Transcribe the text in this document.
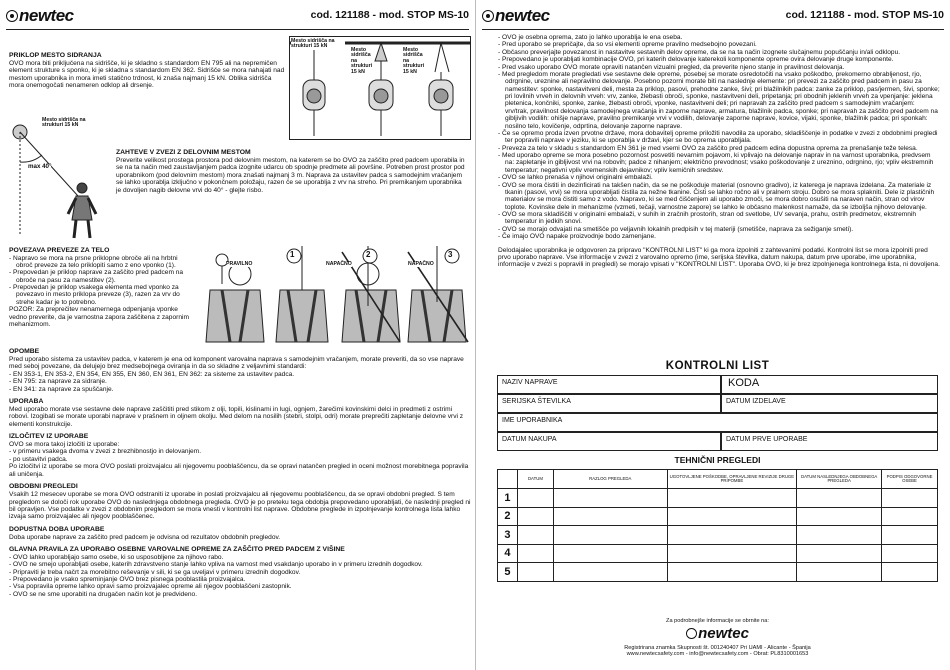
newtec	cod. 121188 - mod. STOP MS-10
PRIKLOP MESTO SIDRANJA
OVO mora biti priključena na sidrišče, ki je skladno s standardom EN 795 ali na nepremičen element strukture s sponko, ki je skladna s standardom EN 362. Sidrišče se mora nahajati nad mestom uporabnika in mora imeti statično trdnost, ki znaša najmanj 15 kN. Oblika sidrišča mora onemogočati nenameren odklop ali drsenje.
Mesto sidrišča na strukturi 15 kN
Mesto sidrišča na strukturi 15 kN
Mesto sidrišča na strukturi 15 kN
Mesto sidrišča na strukturi 15 kN
max 40°
ZAHTEVE V ZVEZI Z DELOVNIM MESTOM
Preverite velikost prostega prostora pod delovnim mestom, na katerem se bo OVO za zaščito pred padcem uporabila in se na ta način med zaustavljanjem padca izognite udarcu ob spodnje predmete ali površine. Potreben prost prostor pod uporabnikom (pod delovnim mestom) mora znašati najmanj 3 m. Naprava za ustavitev padca s samodejnim vračanjem se lahko uporablja izključno v pokončnem položaju, razen če se uporablja z vrv na streho. Pri premikanjem uporabnika je dovoljen nagib delovne vrvi do 40° - glejte risbo.
POVEZAVA PREVEZE ZA TELO
- Napravo se mora na prsne priklopne obroče ali na hrbtni obroč preveze za telo priklopiti samo z eno vponko (1).
- Prepovedan je priklop naprave za zaščito pred padcem na obroče na pasu za namestitev (2).
- Prepovedan je priklop vsakega elementa med vponko za povezavo in mesto priklopa preveze (3), razen za vrv do strehe kadar je to potrebno.
POZOR: Za preprečitev nenamernega odpenjanja vponke vedno preverite, da je varnostna zapora zaščitena z zapornim mehanizmom.
1	2	3
PRAVILNO	NAPAČNO	NAPAČNO
OPOMBE
Pred uporabo sistema za ustavitev padca, v katerem je ena od komponent varovalna naprava s samodejnim vračanjem, morate preveriti, da so vse naprave med seboj povezane, da delujejo brez medsebojnega oviranja in da so skladne z veljavnimi standardi:
- EN 353-1, EN 353-2, EN 354, EN 355, EN 360, EN 361, EN 362: za sisteme za ustavitev padca.
- EN 795: za naprave za sidranje.
- EN 341: za naprave za spuščanje.
UPORABA
Med uporabo morate vse sestavne dele naprave zaščititi pred stikom z olji, topili, kislinami in lugi, ognjem, žarečimi kovinskimi delci in predmeti z ostrimi robovi. Izogibati se morate uporabi naprave v prašnem in oljnem okolju. Med delom na nosilih (stebri, stolpi, odri) morate preprečiti zapletanje delovne vrvi z elementi konstrukcije.
IZLOČITEV IZ UPORABE
OVO se mora takoj izločiti iz uporabe:
- v primeru vsakega dvoma v zvezi z brezhibnostjo in delovanjem.
- po ustavitvi padca.
Po izločitvi iz uporabe se mora OVO poslati proizvajalcu ali njegovemu pooblaščencu, da se opravi natančen pregled in oceni možnost morebitnega popravila ali uničenja.
OBDOBNI PREGLEDI
Vsakih 12 mesecev uporabe se mora OVO odstraniti iz uporabe in poslati proizvajalcu ali njegovemu pooblaščencu, da se opravi obdobni pregled. S tem pregledom se določi rok uporabe OVO do naslednjega obdobnega pregleda. OVO je po preteku tega obdobja prepovedano uporabljati, če naslednji pregled ni bil opravljen. Vse podatke v zvezi z obdobnim pregledom se mora vnesti v kontrolni list naprave. Obdobne preglede in izpolnjevanje kontrolnega lista lahko izvaja samo proizvajalec ali njegov pooblaščenec.
DOPUSTNA DOBA UPORABE
Doba uporabe naprave za zaščito pred padcem je odvisna od rezultatov obdobnih pregledov.
GLAVNA PRAVILA ZA UPORABO OSEBNE VAROVALNE OPREME ZA ZAŠČITO PRED PADCEM Z VIŠINE
- OVO lahko uporabljajo samo osebe, ki so usposobljene za njihovo rabo.
- OVO ne smejo uporabljati osebe, katerih zdravstveno stanje lahko vpliva na varnost med vsakdanjo uporabo in v primeru izrednih dogodkov.
- Pripraviti je treba načrt za morebitno reševanje v sili, ki se ga uveljavi v primeru izrednih dogodkov.
- Prepovedano je vsako spreminjanje OVO brez pisnega pooblastila proizvajalca.
- Vsa popravila opreme lahko opravi samo proizvajalec opreme ali njegov pooblaščeni zastopnik.
- OVO se ne sme uporabiti na drugačen način kot je predvideno.
newtec	cod. 121188 - mod. STOP MS-10
- OVO je osebna oprema, zato jo lahko uporablja le ena oseba.
- Pred uporabo se prepričajte, da so vsi elementi opreme pravilno medsebojno povezani.
- Občasno preverjajte povezanost in nastavitve sestavnih delov opreme, da se na ta način izognete slučajnemu popuščanju in/ali odklopu.
- Prepovedano je uporabljati kombinacije OVO, pri katerih delovanje katerekoli komponente opreme ovira delovanje druge komponente.
- Pred vsako uporabo OVO morate opraviti natančen vizualni pregled, da preverite njeno stanje in pravilnost delovanja.
- Med pregledom morate pregledati vse sestavne dele opreme, posebej se morate osredotočiti na vsako poškodbo, prekomerno obrabljenost, rjo, odrgnine, ureznine ali nepravilno delovanje. Posebno pozorni morate biti na naslednje elemente: pri prevezi za zaščito pred padcem in pasu za namestitev: sponke, nastavitveni deli, mesta za priklop, pasovi, prehodne zanke, šivi; pri blažilnikih padca: zanke za priklop, pas/jermen, šivi, sponke; pri lovilnih vrveh in delovnih vrveh: vrv, zanke, žlebasti obroči, sponke, nastavitveni deli, pripetanja; pri obodnih jeklenih vrveh za vpenjanje: jeklena pletenica, končniki, sponke, zanke, žlebasti obroči, vponke, nastavitveni deli; pri napravah za zaščito pred padcem s samodejnim vračanjem: vrv/trak, pravilnost delovanja samodejnega vračanja in zaporne naprave, armatura, blažilnik padca, sponke; pri napravah za zaščito pred padcem na gibljivih vodilih: ohišje naprave, pravilno premikanje vrvi v vodilih, delovanje zaporne naprave, kovice, vijaki, sponke, blažilnik padca; pri sponkah: nosilno telo, kovičenje, odprtina, delovanje zaporne naprave.
- Če se opremo proda izven prvotne države, mora dobavitelj opreme priložiti navodila za uporabo, skladiščenje in podatke v zvezi z obdobnimi pregledi ter popravili naprave v jeziku, ki se uporablja v državi, kjer se bo oprema uporabljala.
- Preveza za telo v skladu s standardom EN 361 je med vsemi OVO za zaščito pred padcem edina dopustna oprema za prenašanje teže telesa.
- Med uporabo opreme se mora posebno pozornost posvetiti nevarnim pojavom, ki vplivajo na delovanje naprav in na varnost uporabnika, predvsem na: zapletanje in gibljivost vrvi na robovih; padce z nihanjem; električno prevodnost; vsako poškodovanje z ureznino, odrgnino, rjo; vpliv ekstremnih temperatur; negativni vpliv vremenskih dejavnikov; vpliv kemičnih sredstev.
- OVO se lahko prenaša v njihovi originalni embalaži.
- OVO se mora čistiti in dezinficirati na takšen način, da se ne poškoduje material (osnovno gradivo), iz katerega je naprava izdelana. Za materiale iz tkanin (pasovi, vrvi) se mora uporabljati čistila za nežne tkanine. Čisti se lahko ročno ali v pralnem stroju. Dobro se mora splakniti. Dele iz plastičnih materialov se mora čistiti samo z vodo. Napravo, ki se med čiščenjem ali uporabo zmoči, se mora dobro osušiti na naraven način, stran od virov toplote. Kovinske dele in mehanizme (vzmeti, tečaji, varnostne zapore) se lahko le občasno malenkost namaže, da se izboljša njihovo delovanje.
- OVO se mora skladiščiti v originalni embalaži, v suhih in zračnih prostorih, stran od svetlobe, UV sevanja, prahu, ostrih predmetov, ekstremnih temperatur in jedkih snovi.
- OVO se morajo odvajati na smetišče po veljavnih lokalnih predpisih v tej materiji (smetišče, naprava za sežiganje smeti).
- Če imajo OVO napake proizvodnje bodo zamenjane.
Delodajalec uporabnika je odgovoren za pripravo "KONTROLNI LIST" ki ga mora izpolniti z zahtevanimi podatki. Kontrolni list se mora izpolniti pred prvo uporabo naprave. Vse informacije v zvezi z varovalno opremo (ime, serijska številka, datum nakupa, datum prve uporabe, ime uporabnika, informacije v zvezi s popravili in pregledi) se morajo vpisati v "KONTROLNI LIST". Uporaba OVO, ki je brez izpolnjenega kontrolnega lista, ni dovoljena.
KONTROLNI LIST
NAZIV NAPRAVE	KODA
SERIJSKA ŠTEVILKA	DATUM IZDELAVE
IME UPORABNIKA
DATUM NAKUPA	DATUM PRVE UPORABE
TEHNIČNI PREGLEDI
	DATUM	RAZLOG PREGLEDA	UGOTOVLJENE POŠKODBE, OPRAVLJENE REVIZIJE DRUGE PRIPOMBE	DATUM NASLEDNJEGA OBDOBNEGA PREGLEDA	PODPIS ODGOVORNE OSEBE
1					
2					
3					
4					
5					
Za podrobnejše informacije se obrnite na:
newtec
Registrirana znamka Skupnosti št. 001240407 Pri UAMI - Alicante - Španija
www.newtecsafety.com - info@newtecsafety.com - Obrat: PL8310001653
